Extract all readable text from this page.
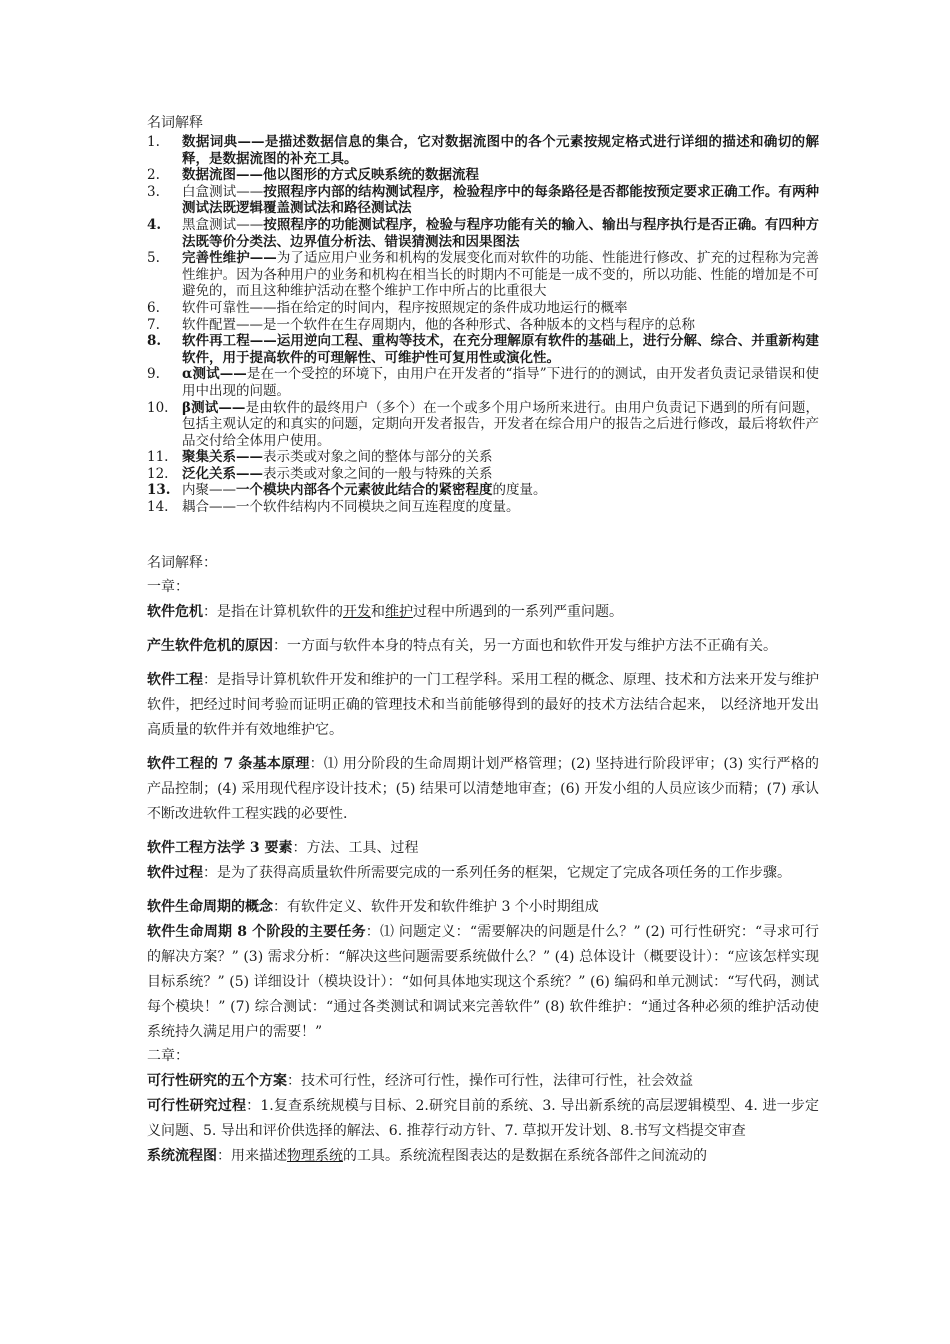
名词解释
1. 数据词典——是描述数据信息的集合，它对数据流图中的各个元素按规定格式进行详细的描述和确切的解释，是数据流图的补充工具。
2. 数据流图——他以图形的方式反映系统的数据流程
3. 白盒测试——按照程序内部的结构测试程序，检验程序中的每条路径是否都能按预定要求正确工作。有两种测试法既逻辑覆盖测试法和路径测试法
4. 黑盒测试——按照程序的功能测试程序，检验与程序功能有关的输入、输出与程序执行是否正确。有四种方法既等价分类法、边界值分析法、错误猜测法和因果图法
5. 完善性维护——为了适应用户业务和机构的发展变化而对软件的功能、性能进行修改、扩充的过程称为完善性维护。因为各种用户的业务和机构在相当长的时期内不可能是一成不变的，所以功能、性能的增加是不可避免的，而且这种维护活动在整个维护工作中所占的比重很大
6. 软件可靠性——指在给定的时间内，程序按照规定的条件成功地运行的概率
7. 软件配置——是一个软件在生存周期内，他的各种形式、各种版本的文档与程序的总称
8. 软件再工程——运用逆向工程、重构等技术，在充分理解原有软件的基础上，进行分解、综合、并重新构建软件，用于提高软件的可理解性、可维护性可复用性或演化性。
9. α测试——是在一个受控的环境下，由用户在开发者的“指导”下进行的的测试，由开发者负责记录错误和使用中出现的问题。
10. β测试——是由软件的最终用户（多个）在一个或多个用户场所来进行。由用户负责记下遇到的所有问题，包括主观认定的和真实的问题，定期向开发者报告，开发者在综合用户的报告之后进行修改，最后将软件产品交付给全体用户使用。
11. 聚集关系——表示类或对象之间的整体与部分的关系
12. 泛化关系——表示类或对象之间的一般与特殊的关系
13. 内聚——一个模块内部各个元素彼此结合的紧密程度的度量。
14. 耦合——一个软件结构内不同模块之间互连程度的度量。
名词解释：
一章：

软件危机：是指在计算机软件的开发和维护过程中所遇到的一系列严重问题。

产生软件危机的原因：一方面与软件本身的特点有关，另一方面也和软件开发与维护方法不正确有关。

软件工程：是指导计算机软件开发和维护的一门工程学科。采用工程的概念、原理、技术和方法来开发与维护软件，把经过时间考验而证明正确的管理技术和当前能够得到的最好的技术方法结合起来， 以经济地开发出高质量的软件并有效地维护它。

软件工程的 7 条基本原理：⑴ 用分阶段的生命周期计划严格管理；(2) 坚持进行阶段评审；(3) 实行严格的产品控制；(4) 采用现代程序设计技术；(5) 结果可以清楚地审查；(6) 开发小组的人员应该少而精；(7) 承认不断改进软件工程实践的必要性.

软件工程方法学 3 要素：方法、工具、过程

软件过程：是为了获得高质量软件所需要完成的一系列任务的框架，它规定了完成各项任务的工作步骤。

软件生命周期的概念：有软件定义、软件开发和软件维护 3 个小时期组成

软件生命周期 8 个阶段的主要任务：⑴ 问题定义：“需要解决的问题是什么？” (2) 可行性研究：“寻求可行的解决方案？” (3) 需求分析：“解决这些问题需要系统做什么？” (4) 总体设计（概要设计）：“应该怎样实现目标系统？” (5) 详细设计（模块设计）：“如何具体地实现这个系统？” (6) 编码和单元测试：“写代码，测试每个模块！” (7) 综合测试：“通过各类测试和调试来完善软件” (8) 软件维护：“通过各种必须的维护活动使系统持久满足用户的需要！”

二章：

可行性研究的五个方案：技术可行性，经济可行性，操作可行性，法律可行性，社会效益

可行性研究过程：1.复查系统规模与目标、2.研究目前的系统、3. 导出新系统的高层逻辑模型、4. 进一步定义问题、5. 导出和评价供选择的解法、6. 推荐行动方针、7. 草拟开发计划、8.书写文档提交审查

系统流程图：用来描述物理系统的工具。系统流程图表达的是数据在系统各部件之间流动的
